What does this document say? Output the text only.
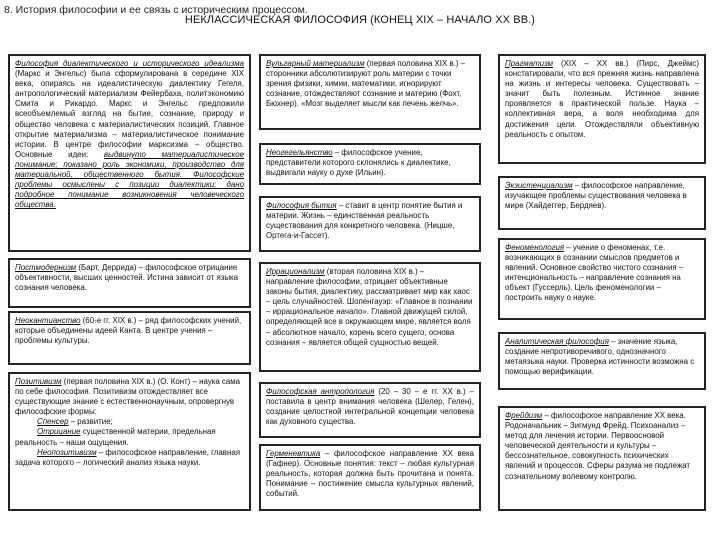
8. История философии и ее связь с историческим процессом.
НЕКЛАССИЧЕСКАЯ ФИЛОСОФИЯ (КОНЕЦ XIX – НАЧАЛО XX ВВ.)
Философия диалектического и исторического идеализма (Маркс и Энгельс) была сформулирована в середине XIX века, опираясь на идеалистическую диалектику Гегеля, антропологический материализм Фейербаха, политэкономию Смита и Рикардо. Маркс и Энгельс предложили всеобъемлемый взгляд на бытие, сознание, природу и общество человека с материалистических позиций. Главное открытие материализма – материалистическое понимание истории. В центре философии марксизма – общество. Основные идеи: выдвинуто материалистическое понимание; показано роль экономики, производство для материальной, общественного бытия. Философские проблемы осмыслены с позиции диалектики; дано подробное понимание возникновения человеческого общества.
Постмодернизм (Барт, Деррида) – философское отрицание объективности, высших ценностей. Истина зависит от языка сознания человека.
Неокантианство (60-е гг. XIX в.) – ряд философских учений, которые объединены идеей Канта. В центре учения – проблемы культуры.
Позитивизм (первая половина XIX в.) (О. Конт) – наука сама по себе философия. Позитивизм отождествляет все существующие знание с естественнонаучным, опровергнув философские формы:
Спенсер – развитие;
Отрицание существенной материи, предельная реальность – наши ощущения.
Неопозитивизм – философское направление, главная задача которого – логический анализ языка науки.
Вульгарный материализм (первая половина XIX в.) – сторонники абсолютизируют роль материи с точки зрения физики, химии, математики, игнорируют сознание, отождествляют сознание и материю (Фохт, Бюхнер). «Мозг выделяет мысли как печень желчь».
Неогегельянство – философское учение, представители которого склонялись к диалектике, выдвигали науку о духе (Ильин).
Философия бытия – ставит в центр понятие бытия и материи. Жизнь – единственная реальность существования для конкретного человека. (Ницше, Ортега-и-Гассет).
Иррационализм (вторая половина XIX в.) – направление философии, отрицает объективные законы бытия, диалектику, рассматривает мир как хаос – цель случайностей. Шопенгауэр: «Главное в познании – иррациональное начало». Главной движущей силой, определяющей все в окружающем мире, является воля – абсолютное начало, корень всего сущего, основа сознания – является общей сущностью вещей.
Философская антропология (20 – 30 – е гг. XX в.) – поставила в центр внимания человека (Шелер, Гелен), создание целостной интегральной концепции человека как духовного существа.
Герменевтика – философское направление XX века (Гафнер). Основные понятия: текст – любая культурная реальность, которая должна быть прочитана и понята. Понимание – постижение смысла культурных явлений, событий.
Прагматизм (XIX – XX вв.) (Пирс, Джеймс) констатировали, что вся прежняя жизнь направлена на жизнь и интересы человека. Существовать – значит быть полезным. Истинное знание проявляется в практической пользе. Наука – коллективная вера, а воля необходима для достижения цели. Отождествляли объективную реальность с опытом.
Экзистенциализм – философское направление, изучающее проблемы существования человека в мире (Хайдеггер, Бердяев).
Феноменология – учение о феноменах, т.е. возникающих в сознании смыслов предметов и явлений. Основное свойство чистого сознания – интенциональность – направление сознания на объект (Гуссерль). Цель феноменологии – построить науку о науке.
Аналитическая философия – значение языка, создание непротиворечивого, однозначного метаязыка науки. Проверка истинности возможна с помощью верификации.
Фрейдизм – философское направление XX века. Родоначальник – Зигмунд Фрейд. Психоанализ – метод для лечения истории. Первоосновой человеческой деятельности и культуры – бессознательное, совокупность психических явлений и процессов. Сферы разума не подлежат сознательному волевому контролю.
